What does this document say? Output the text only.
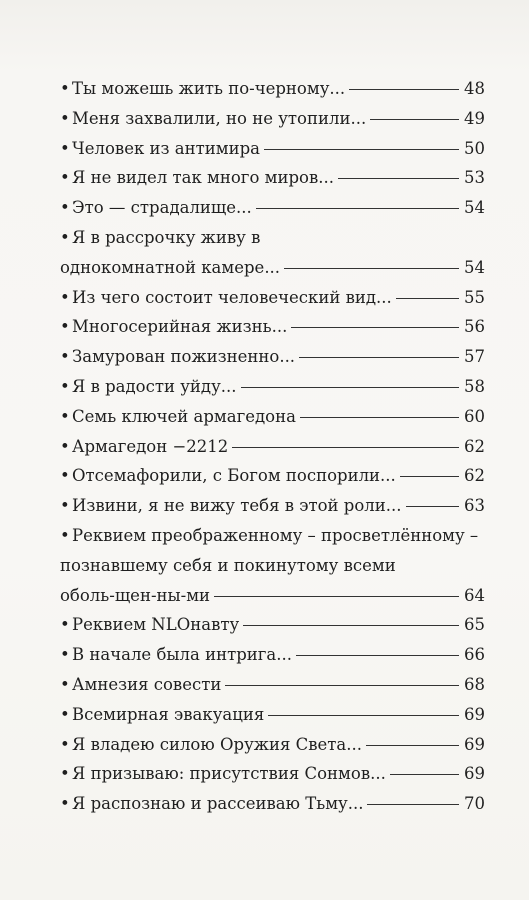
• Ты можешь жить по-черному...	48
• Меня захвалили, но не утопили...	49
• Человек из антимира	50
• Я не видел так много миров...	53
• Это — страдалище...	54
• Я в рассрочку живу в
однокомнатной камере...	54
• Из чего состоит человеческий вид...	55
• Многосерийная жизнь...	56
• Замурован пожизненно...	57
• Я в радости уйду...	58
• Семь ключей армагедона	60
• Армагедон −2212	62
• Отсемафорили, с Богом поспорили...	62
• Извини, я не вижу тебя в этой роли...	63
• Реквием преображенному – просветлённому –
познавшему себя и покинутому всеми
оболь-щен-ны-ми	64
• Реквием NLOнавту	65
• В начале была интрига...	66
• Амнезия совести	68
• Всемирная эвакуация	69
• Я владею силою Оружия Света...	69
• Я призываю: присутствия Сонмов...	69
• Я распознаю и рассеиваю Тьму...	70
